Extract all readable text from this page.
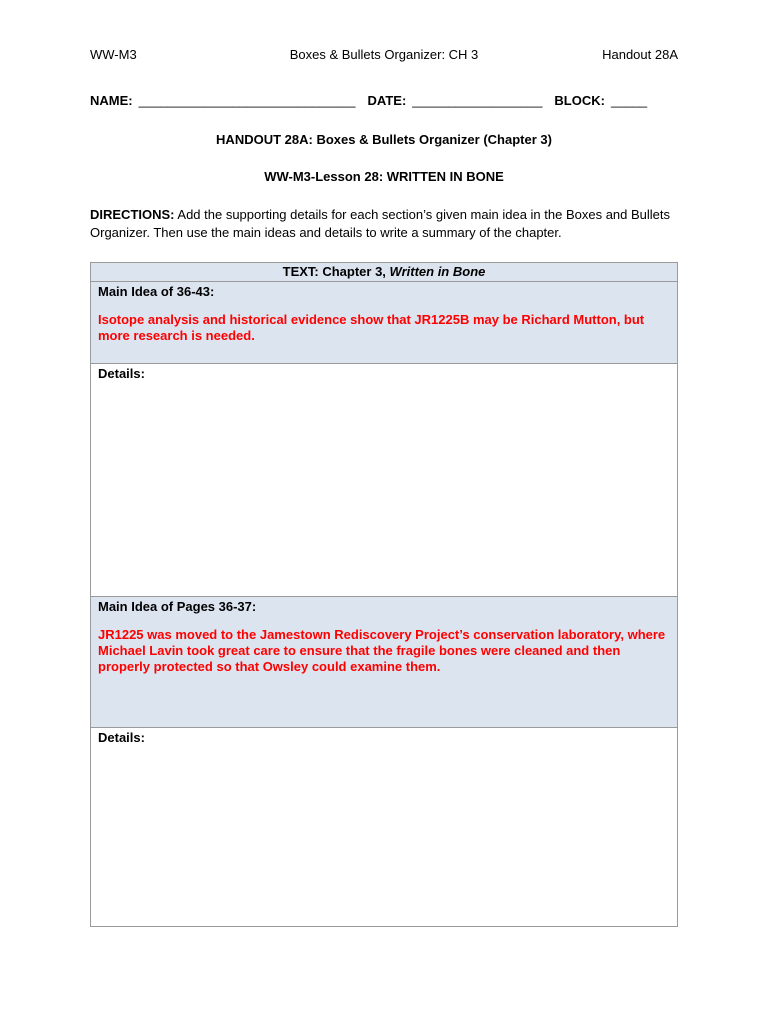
WW-M3	Boxes & Bullets Organizer: CH 3	Handout 28A
NAME: ______________________________ DATE: __________________ BLOCK: _____
HANDOUT 28A: Boxes & Bullets Organizer (Chapter 3)
WW-M3-Lesson 28: WRITTEN IN BONE
DIRECTIONS: Add the supporting details for each section’s given main idea in the Boxes and Bullets Organizer. Then use the main ideas and details to write a summary of the chapter.
TEXT: Chapter 3, Written in Bone
Main Idea of 36-43:
Isotope analysis and historical evidence show that JR1225B may be Richard Mutton, but more research is needed.
Details:
Main Idea of Pages 36-37:
JR1225 was moved to the Jamestown Rediscovery Project’s conservation laboratory, where Michael Lavin took great care to ensure that the fragile bones were cleaned and then properly protected so that Owsley could examine them.
Details:
